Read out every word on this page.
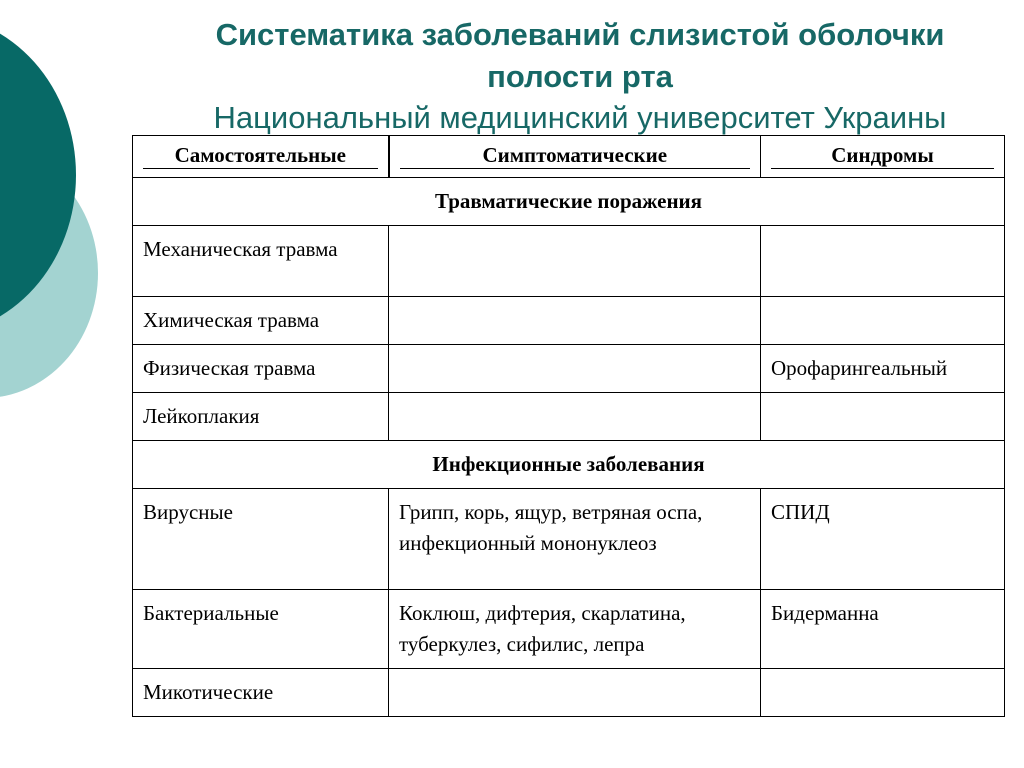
Систематика заболеваний слизистой оболочки
полости рта
Национальный медицинский университет Украины
Самостоятельные	Симптоматические	Синдромы

Травматические поражения		
Механическая травма		
Химическая травма		
Физическая травма		Орофарингеальный
Лейкоплакия		
Инфекционные заболевания		
Вирусные	Грипп, корь, ящур, ветряная оспа, инфекционный мононуклеоз	СПИД
Бактериальные	Коклюш, дифтерия, скарлатина, туберкулез, сифилис, лепра	Бидерманна
Микотические		
